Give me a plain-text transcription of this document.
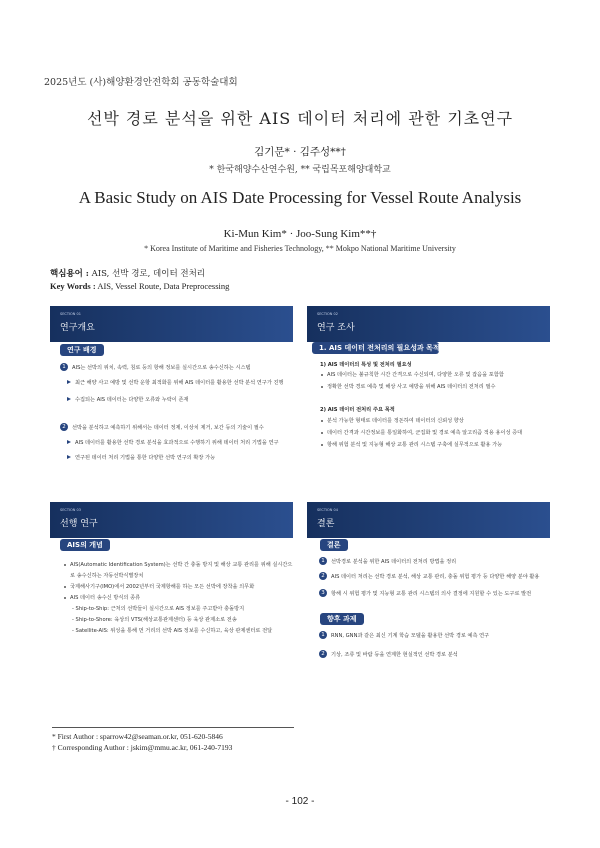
2025년도 (사)해양환경안전학회 공동학술대회
선박 경로 분석을 위한 AIS 데이터 처리에 관한 기초연구
김기문* · 김주성**†
* 한국해양수산연수원, ** 국립목포해양대학교
A Basic Study on AIS Date Processing for Vessel Route Analysis
Ki-Mun Kim* · Joo-Sung Kim**†
* Korea Institute of Maritime and Fisheries Technology, ** Mokpo National Maritime University
핵심용어 : AIS, 선박 경로, 데이터 전처리
Key Words : AIS, Vessel Route, Data Preprocessing
SECTION 01
연구개요
연구 배경
1	AIS는 선박의 위치, 속력, 침로 등의 항해 정보를 실시간으로 송수신하는 시스템
최근 해양 사고 예방 및 선박 운항 최적화를 위해 AIS 데이터를 활용한 선박 분석 연구가 진행
수집되는 AIS 데이터는 다양한 오류와 누락이 존재
2	선박을 분석하고 예측하기 위해서는 데이터 정제, 이상치 제거, 보간 등의 기술이 필수
AIS 데이터를 활용한 선박 경로 분석을 효과적으로 수행하기 위해 데이터 처리 기법을 연구
연구된 데이터 처리 기법을 통한 다양한 선박 연구의 확장 가능
SECTION 02
연구 조사
1. AIS 데이터 전처리의 필요성과 목적
1) AIS 데이터의 특성 및 전처리 필요성
AIS 데이터는 불규칙한 시간 간격으로 수신되며, 다양한 오류 및 잡음을 포함함
정확한 선박 경로 예측 및 해상 사고 예방을 위해 AIS 데이터의 전처리 필수
2) AIS 데이터 전처리 주요 목적
분석 가능한 형태로 데이터를 정돈하여 데이터의 신뢰성 향상
데이터 간격과 시간정보를 통일화하여, 군집화 및 경로 예측 알고리즘 적용 용이성 증대
항해 위험 분석 및 지능형 해상 교통 관리 시스템 구축에 실무적으로 활용 가능
SECTION 03
선행 연구
AIS의 개념
AIS(Automatic Identification System)는 선박 간 충돌 방지 및 해상 교통 관리를 위해 실시간으
로 송수신하는 자동선박식별장치
국제해사기구(IMO)에서 2002년부터 국제항해를 하는 모든 선박에 장착을 의무화
AIS 데이터 송수신 방식의 종류
- Ship-to-Ship: 근처의 선박들이 실시간으로 AIS 정보를 주고받아 충돌방지
- Ship-to-Shore: 육상의 VTS(해상교통관제센터) 등 육상 관제소로 전송
- Satellite-AIS: 위성을 통해 먼 거리의 선박 AIS 정보를 수신하고, 육상 관제센터로 전달
SECTION 04
결론
결론
1	선박경로 분석을 위한 AIS 데이터의 전처리 방법을 정리
2	AIS 데이터 처리는 선박 경로 분석, 해상 교통 관리, 충돌 위험 평가 등 다양한 해양 분야 활용
3	항해 시 위험 평가 및 지능형 교통 관리 시스템의 의사 결정에 지원할 수 있는 도구로 발전
향후 과제
1	RNN, GNN과 같은 최신 기계 학습 모델을 활용한 선박 경로 예측 연구
2	기상, 조류 및 바람 등을 연계한 현실적인 선박 경로 분석
* First Author : sparrow42@seaman.or.kr, 051-620-5846
† Corresponding Author : jskim@mmu.ac.kr, 061-240-7193
- 102 -
